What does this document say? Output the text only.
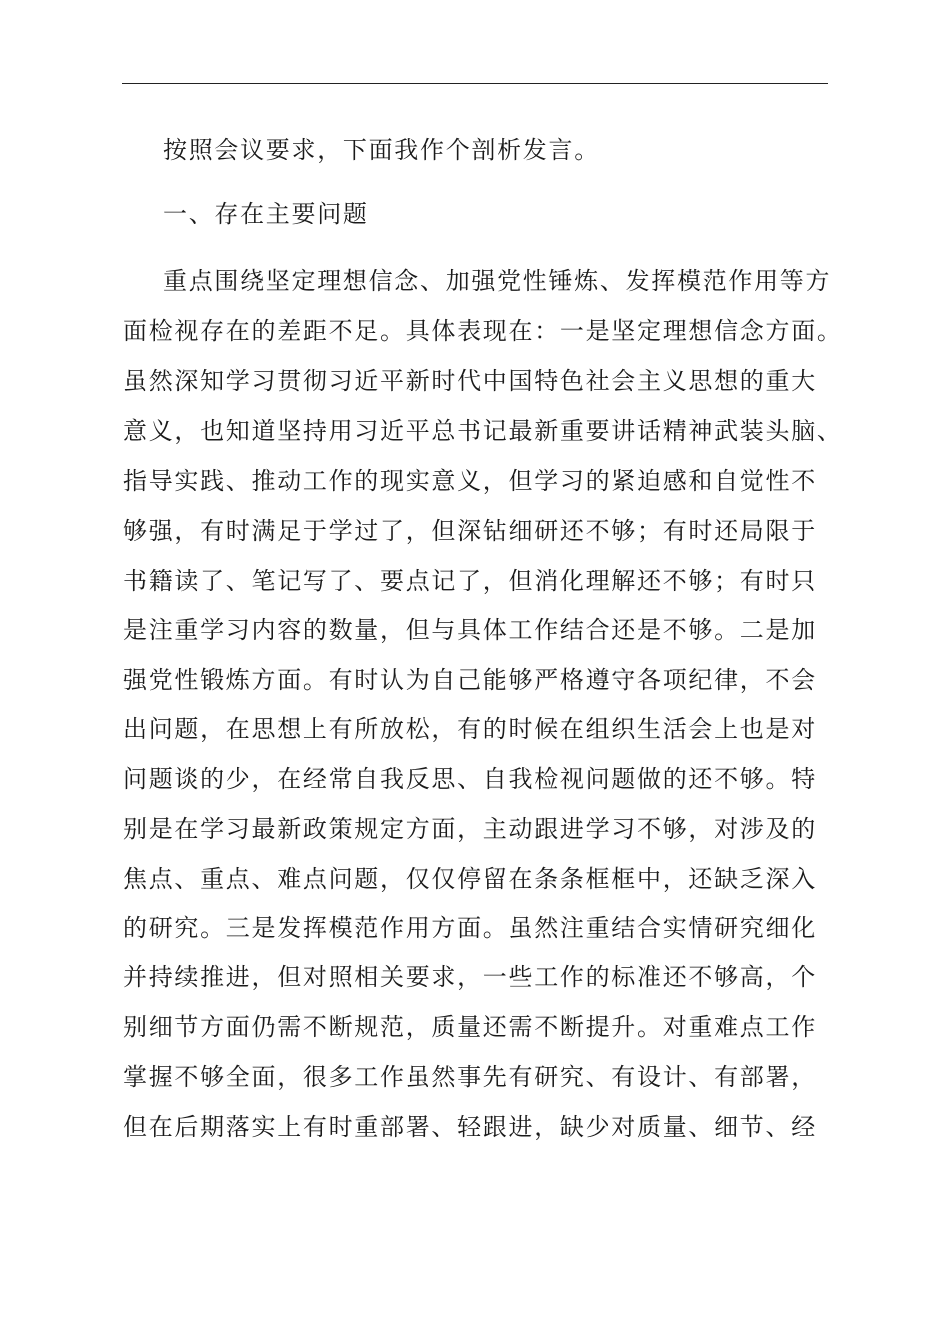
按照会议要求，下面我作个剖析发言。
一、存在主要问题
重点围绕坚定理想信念、加强党性锤炼、发挥模范作用等方
面检视存在的差距不足。具体表现在：一是坚定理想信念方面。
虽然深知学习贯彻习近平新时代中国特色社会主义思想的重大
意义，也知道坚持用习近平总书记最新重要讲话精神武装头脑、
指导实践、推动工作的现实意义，但学习的紧迫感和自觉性不
够强，有时满足于学过了，但深钻细研还不够；有时还局限于
书籍读了、笔记写了、要点记了，但消化理解还不够；有时只
是注重学习内容的数量，但与具体工作结合还是不够。二是加
强党性锻炼方面。有时认为自己能够严格遵守各项纪律，不会
出问题，在思想上有所放松，有的时候在组织生活会上也是对
问题谈的少，在经常自我反思、自我检视问题做的还不够。特
别是在学习最新政策规定方面，主动跟进学习不够，对涉及的
焦点、重点、难点问题，仅仅停留在条条框框中，还缺乏深入
的研究。三是发挥模范作用方面。虽然注重结合实情研究细化
并持续推进，但对照相关要求，一些工作的标准还不够高，个
别细节方面仍需不断规范，质量还需不断提升。对重难点工作
掌握不够全面，很多工作虽然事先有研究、有设计、有部署，
但在后期落实上有时重部署、轻跟进，缺少对质量、细节、经
